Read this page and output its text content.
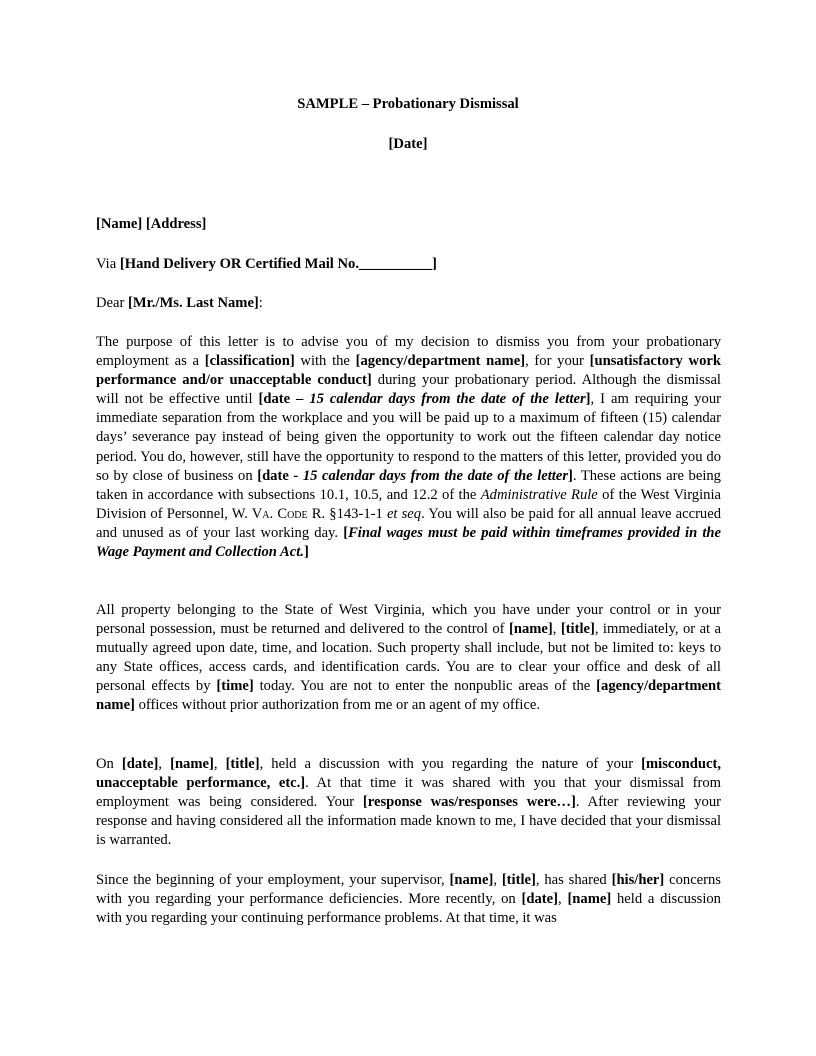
SAMPLE – Probationary Dismissal

[Date]

[Name] [Address]

Via [Hand Delivery OR Certified Mail No.__________]

Dear [Mr./Ms. Last Name]:

The purpose of this letter is to advise you of my decision to dismiss you from your probationary employment as a [classification] with the [agency/department name], for your [unsatisfactory work performance and/or unacceptable conduct] during your probationary period. Although the dismissal will not be effective until [date – 15 calendar days from the date of the letter], I am requiring your immediate separation from the workplace and you will be paid up to a maximum of fifteen (15) calendar days’ severance pay instead of being given the opportunity to work out the fifteen calendar day notice period. You do, however, still have the opportunity to respond to the matters of this letter, provided you do so by close of business on [date - 15 calendar days from the date of the letter]. These actions are being taken in accordance with subsections 10.1, 10.5, and 12.2 of the Administrative Rule of the West Virginia Division of Personnel, W. Va. Code R. §143-1-1 et seq. You will also be paid for all annual leave accrued and unused as of your last working day. [Final wages must be paid within timeframes provided in the Wage Payment and Collection Act.]

All property belonging to the State of West Virginia, which you have under your control or in your personal possession, must be returned and delivered to the control of [name], [title], immediately, or at a mutually agreed upon date, time, and location. Such property shall include, but not be limited to: keys to any State offices, access cards, and identification cards. You are to clear your office and desk of all personal effects by [time] today. You are not to enter the nonpublic areas of the [agency/department name] offices without prior authorization from me or an agent of my office.

On [date], [name], [title], held a discussion with you regarding the nature of your [misconduct, unacceptable performance, etc.]. At that time it was shared with you that your dismissal from employment was being considered. Your [response was/responses were…]. After reviewing your response and having considered all the information made known to me, I have decided that your dismissal is warranted.

Since the beginning of your employment, your supervisor, [name], [title], has shared [his/her] concerns with you regarding your performance deficiencies. More recently, on [date], [name] held a discussion with you regarding your continuing performance problems. At that time, it was
